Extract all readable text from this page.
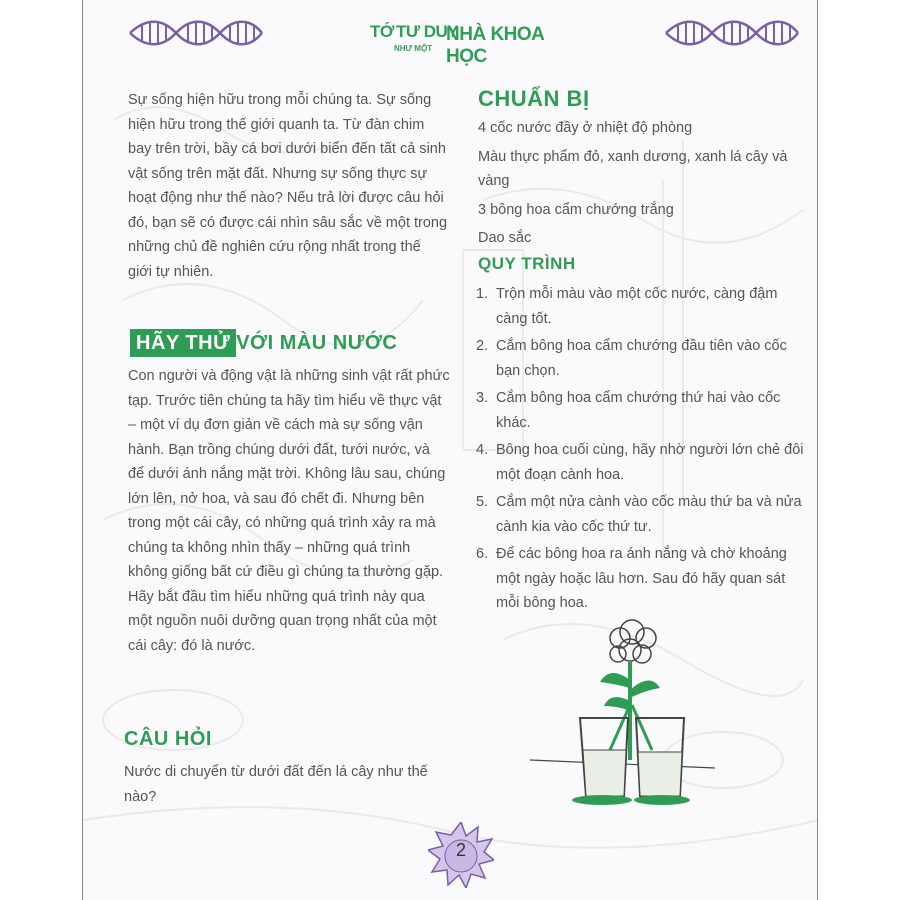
TỚ TƯ DUY
NHƯ MỘT
NHÀ KHOA HỌC

Sự sống hiện hữu trong mỗi chúng ta. Sự sống hiện hữu trong thế giới quanh ta. Từ đàn chim bay trên trời, bầy cá bơi dưới biển đến tất cả sinh vật sống trên mặt đất. Nhưng sự sống thực sự hoạt động như thế nào? Nếu trả lời được câu hỏi đó, bạn sẽ có được cái nhìn sâu sắc về một trong những chủ đề nghiên cứu rộng nhất trong thế giới tự nhiên.

HÃY THỬ VỚI MÀU NƯỚC

Con người và động vật là những sinh vật rất phức tạp. Trước tiên chúng ta hãy tìm hiểu về thực vật – một ví dụ đơn giản về cách mà sự sống vận hành. Bạn trồng chúng dưới đất, tưới nước, và để dưới ánh nắng mặt trời. Không lâu sau, chúng lớn lên, nở hoa, và sau đó chết đi. Nhưng bên trong một cái cây, có những quá trình xảy ra mà chúng ta không nhìn thấy – những quá trình không giống bất cứ điều gì chúng ta thường gặp. Hãy bắt đầu tìm hiểu những quá trình này qua một nguồn nuôi dưỡng quan trọng nhất của một cái cây: đó là nước.

CÂU HỎI

Nước di chuyển từ dưới đất đến lá cây như thế nào?

CHUẨN BỊ
4 cốc nước đầy ở nhiệt độ phòng
Màu thực phẩm đỏ, xanh dương, xanh lá cây và vàng
3 bông hoa cẩm chướng trắng
Dao sắc
QUY TRÌNH
1. Trộn mỗi màu vào một cốc nước, càng đậm càng tốt.
2. Cắm bông hoa cẩm chướng đầu tiên vào cốc bạn chọn.
3. Cắm bông hoa cẩm chướng thứ hai vào cốc khác.
4. Bông hoa cuối cùng, hãy nhờ người lớn chẻ đôi một đoạn cành hoa.
5. Cắm một nửa cành vào cốc màu thứ ba và nửa cành kia vào cốc thứ tư.
6. Để các bông hoa ra ánh nắng và chờ khoảng một ngày hoặc lâu hơn. Sau đó hãy quan sát mỗi bông hoa.
2
